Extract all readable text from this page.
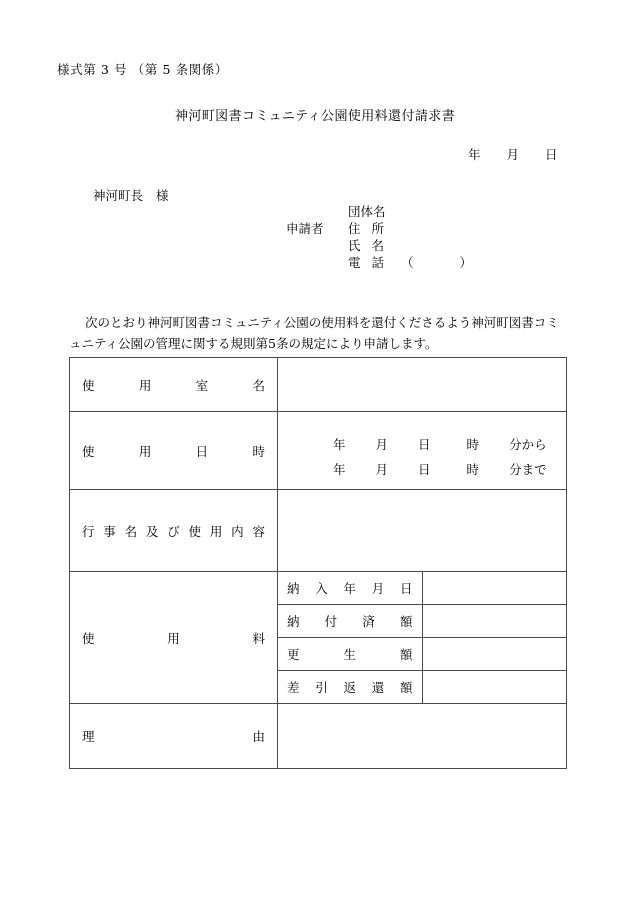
様式第 3 号 （第 5 条関係）
神河町図書コミュニティ公園使用料還付請求書
年 月 日
神河町長 様
団体名
申請者	住所
氏名
電話 （	）
次のとおり神河町図書コミュニティ公園の使用料を還付くださるよう神河町図書コミュニティ公園の管理に関する規則第5条の規定により申請します。
使用室名		
使用日時	年 月 日 時 分から
年 月 日 時 分まで	

行事名及び使用内容		
使用料	納入年月日	
	納付済額	
	更生額	
	差引返還額	
理由		
